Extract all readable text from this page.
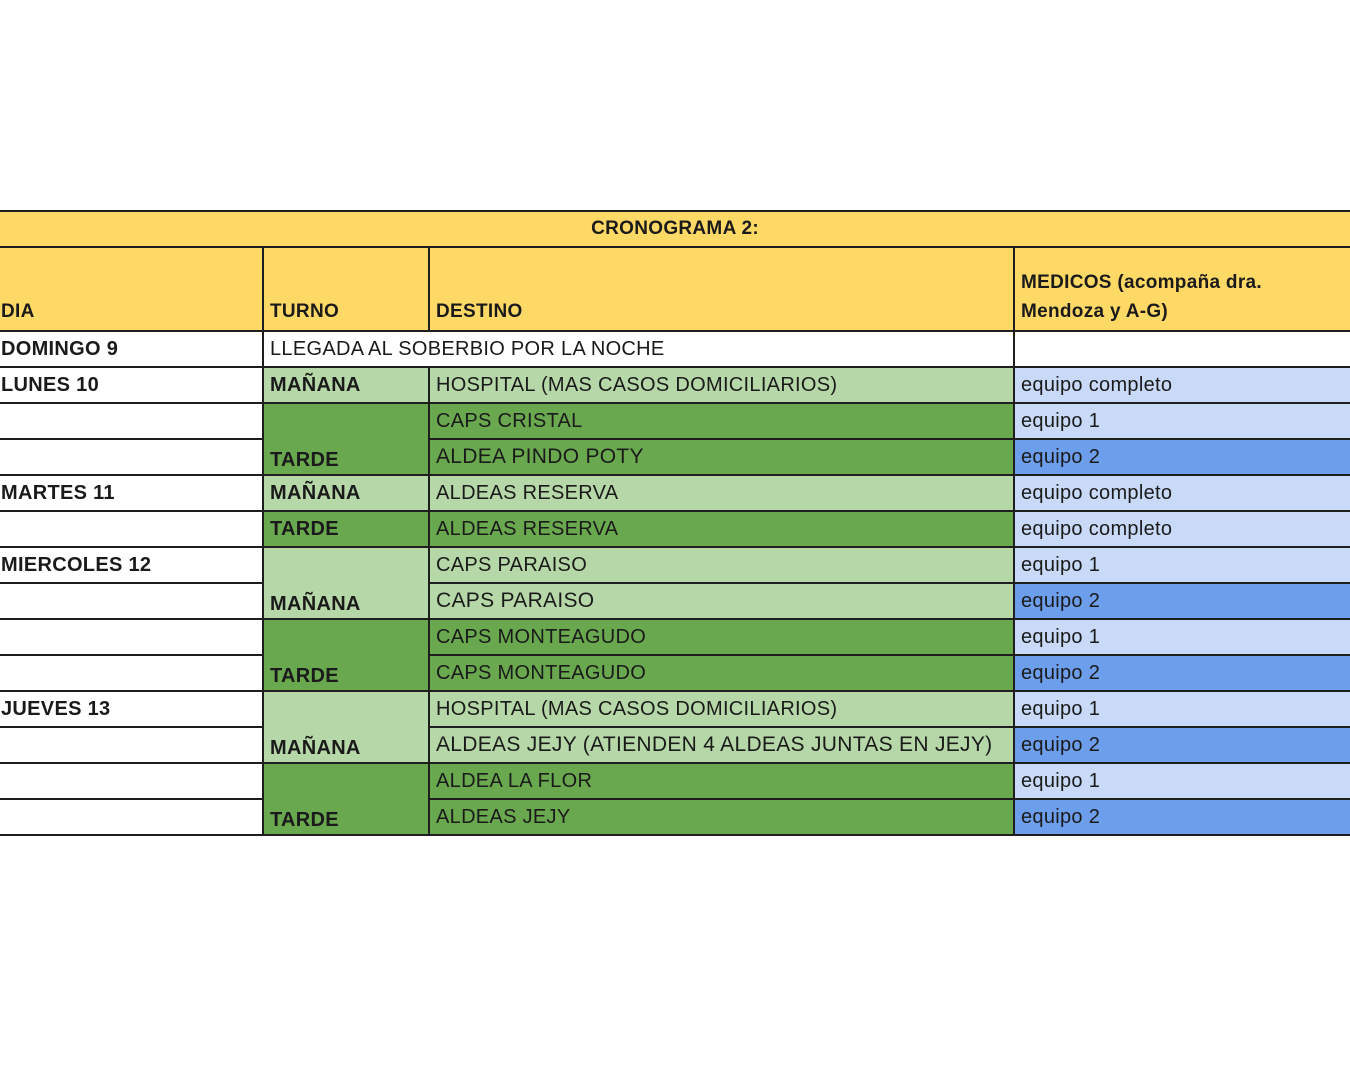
CRONOGRAMA 2:			
DIA	TURNO	DESTINO	MEDICOS (acompaña dra.
Mendoza y A-G)
DOMINGO 9	LLEGADA AL SOBERBIO POR LA NOCHE		
LUNES 10	MAÑANA	HOSPITAL (MAS CASOS DOMICILIARIOS)	equipo completo
	TARDE	CAPS CRISTAL	equipo 1
		ALDEA PINDO POTY	equipo 2
MARTES 11	MAÑANA	ALDEAS RESERVA	equipo completo
	TARDE	ALDEAS RESERVA	equipo completo
MIERCOLES 12	MAÑANA	CAPS PARAISO	equipo 1
		CAPS PARAISO	equipo 2
	TARDE	CAPS MONTEAGUDO	equipo 1
		CAPS MONTEAGUDO	equipo 2
JUEVES 13	MAÑANA	HOSPITAL (MAS CASOS DOMICILIARIOS)	equipo 1
		ALDEAS JEJY (ATIENDEN 4 ALDEAS JUNTAS EN JEJY)	equipo 2
	TARDE	ALDEA LA FLOR	equipo 1
		ALDEAS JEJY	equipo 2
